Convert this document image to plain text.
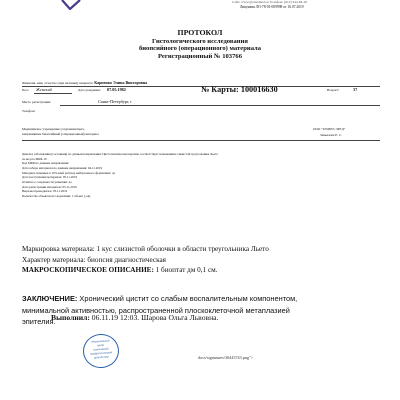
Сайт: www.globusmed.ru Телефон: (812) 244-84-20
Лицензия ЛО-78-01-009998 от 16.07.2019
ПРОТОКОЛ
Гистологического исследования
биопсийного (операционного) материала
Регистрационный № 103766
Фамилия, имя, отчество (при наличии) пациента: Карпенко Элина Викторовна
Пол: Женский	Дата рождения: 07.05.1982	№ Карты: 100016630	Возраст:	37
Место регистрации:	Санкт-Петербург, г
Телефон:
Медицинское учреждение (отделение/врач,
направившие биопсийный (операционный) материал
ООО "ГЛОБУС МЕД"
Завьялова Е. С.
Диагноз заболевания (состояния) по данным направления: Цистоскопическая картина соответствует изменениям слизистой треугольника Льето
по код по МКБ-10
Код МКБ по данным направления:
Дата забора материала по данным направления: 04.11.2019
Материал помещен в 10%-ный раствор нейтрального формалина: да
Дата поступления материала: 05.11.2019
Отметка о сохранности упаковки: да
Дата регистрации материала: 05.11.2019
Вырезка проводилась: 05.11.2019
Количество объектов исследования: 1 объект (-ов)
Маркировка материала: 1 кус слизистой оболочки в области треугольника Льето
Характер материала: биопсия диагностическая
МАКРОСКОПИЧЕСКОЕ ОПИСАНИЕ: 1 биоптат дм 0,1 см.
ЗАКЛЮЧЕНИЕ: Хронический цистит со слабым воспалительным компонентом,
минимальной активностью, распространенной плоскоклеточной метаплазией
эпителия.
Выполнил: 06.11.19 12:03. Шарова Ольга Львовна.
Национальный
центр
клинической
морфологической
диагностики	docs/signatures/30443743.png">
